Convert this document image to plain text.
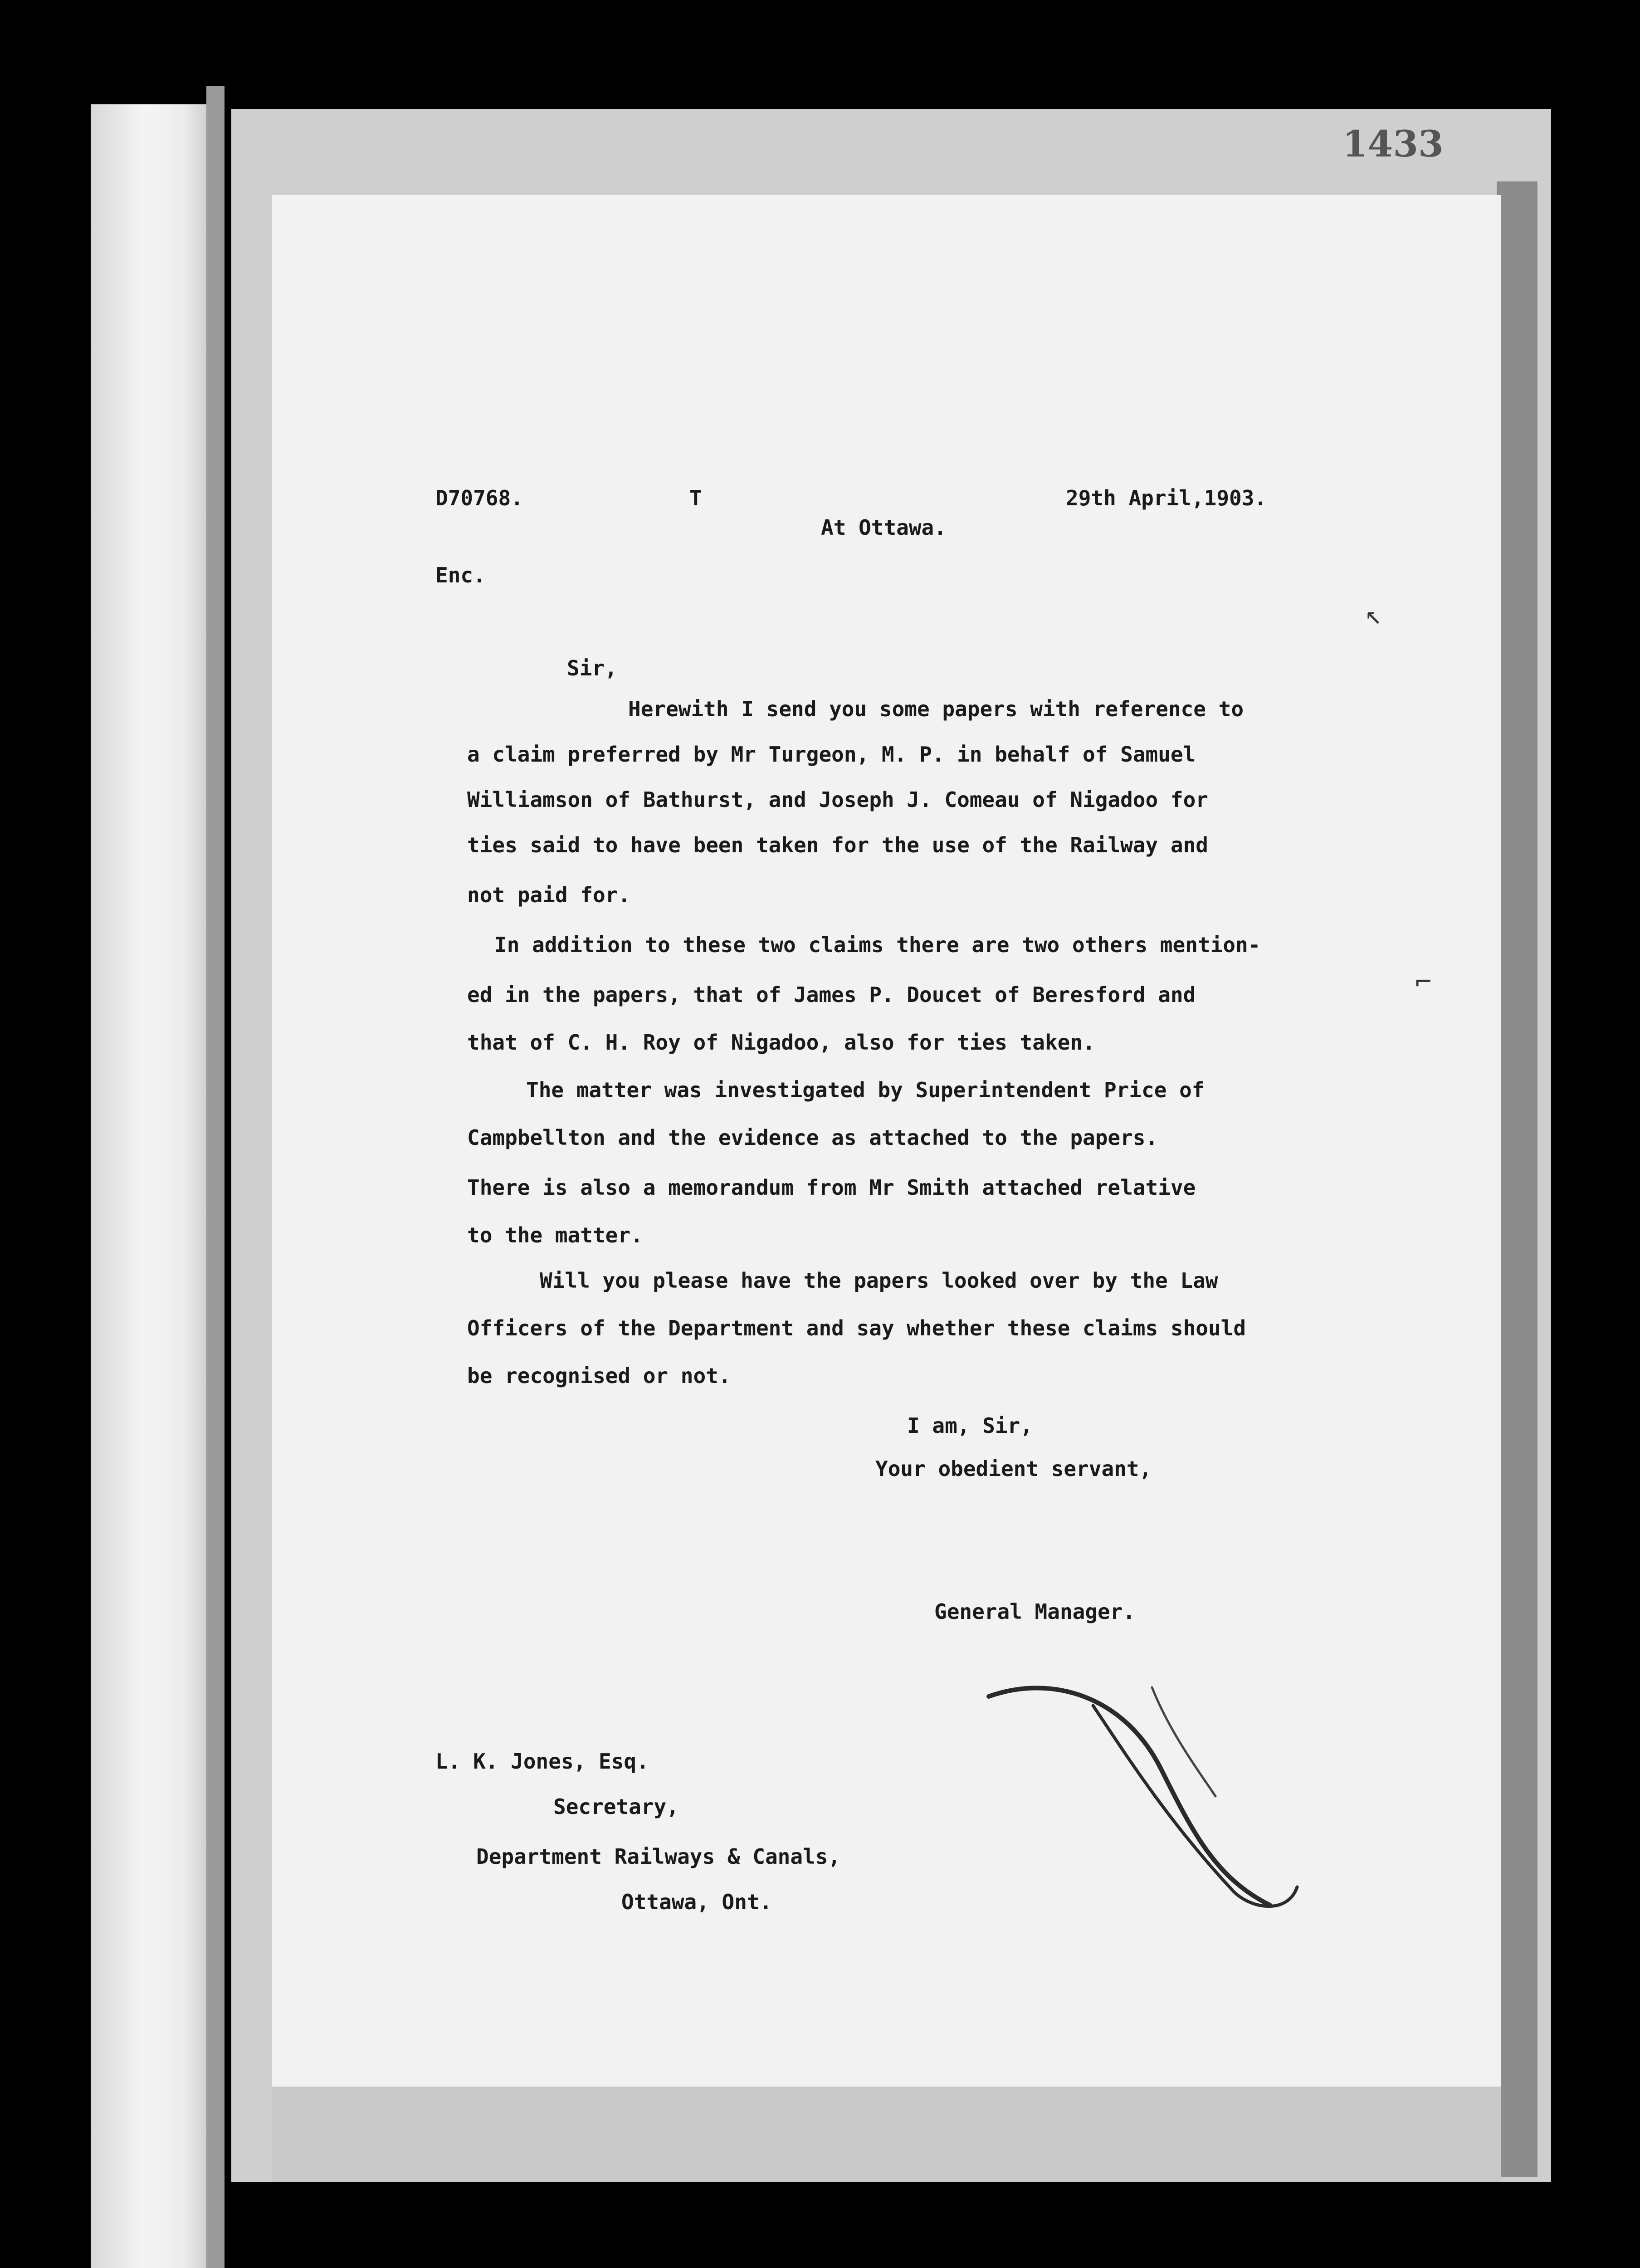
1433
D70768.	T	29th April,1903.
At Ottawa.
Enc.
↖
Sir,
Herewith I send you some papers with reference to
a claim preferred by Mr Turgeon, M. P. in behalf of Samuel
Williamson of Bathurst, and Joseph J. Comeau of Nigadoo for
ties said to have been taken for the use of the Railway and
not paid for.
In addition to these two claims there are two others mention-
⌐
ed in the papers, that of James P. Doucet of Beresford and
that of C. H. Roy of Nigadoo, also for ties taken.
The matter was investigated by Superintendent Price of
Campbellton and the evidence as attached to the papers.
There is also a memorandum from Mr Smith attached relative
to the matter.
Will you please have the papers looked over by the Law
Officers of the Department and say whether these claims should
be recognised or not.
I am, Sir,
Your obedient servant,
General Manager.
L. K. Jones, Esq.
Secretary,
Department Railways & Canals,
Ottawa, Ont.
